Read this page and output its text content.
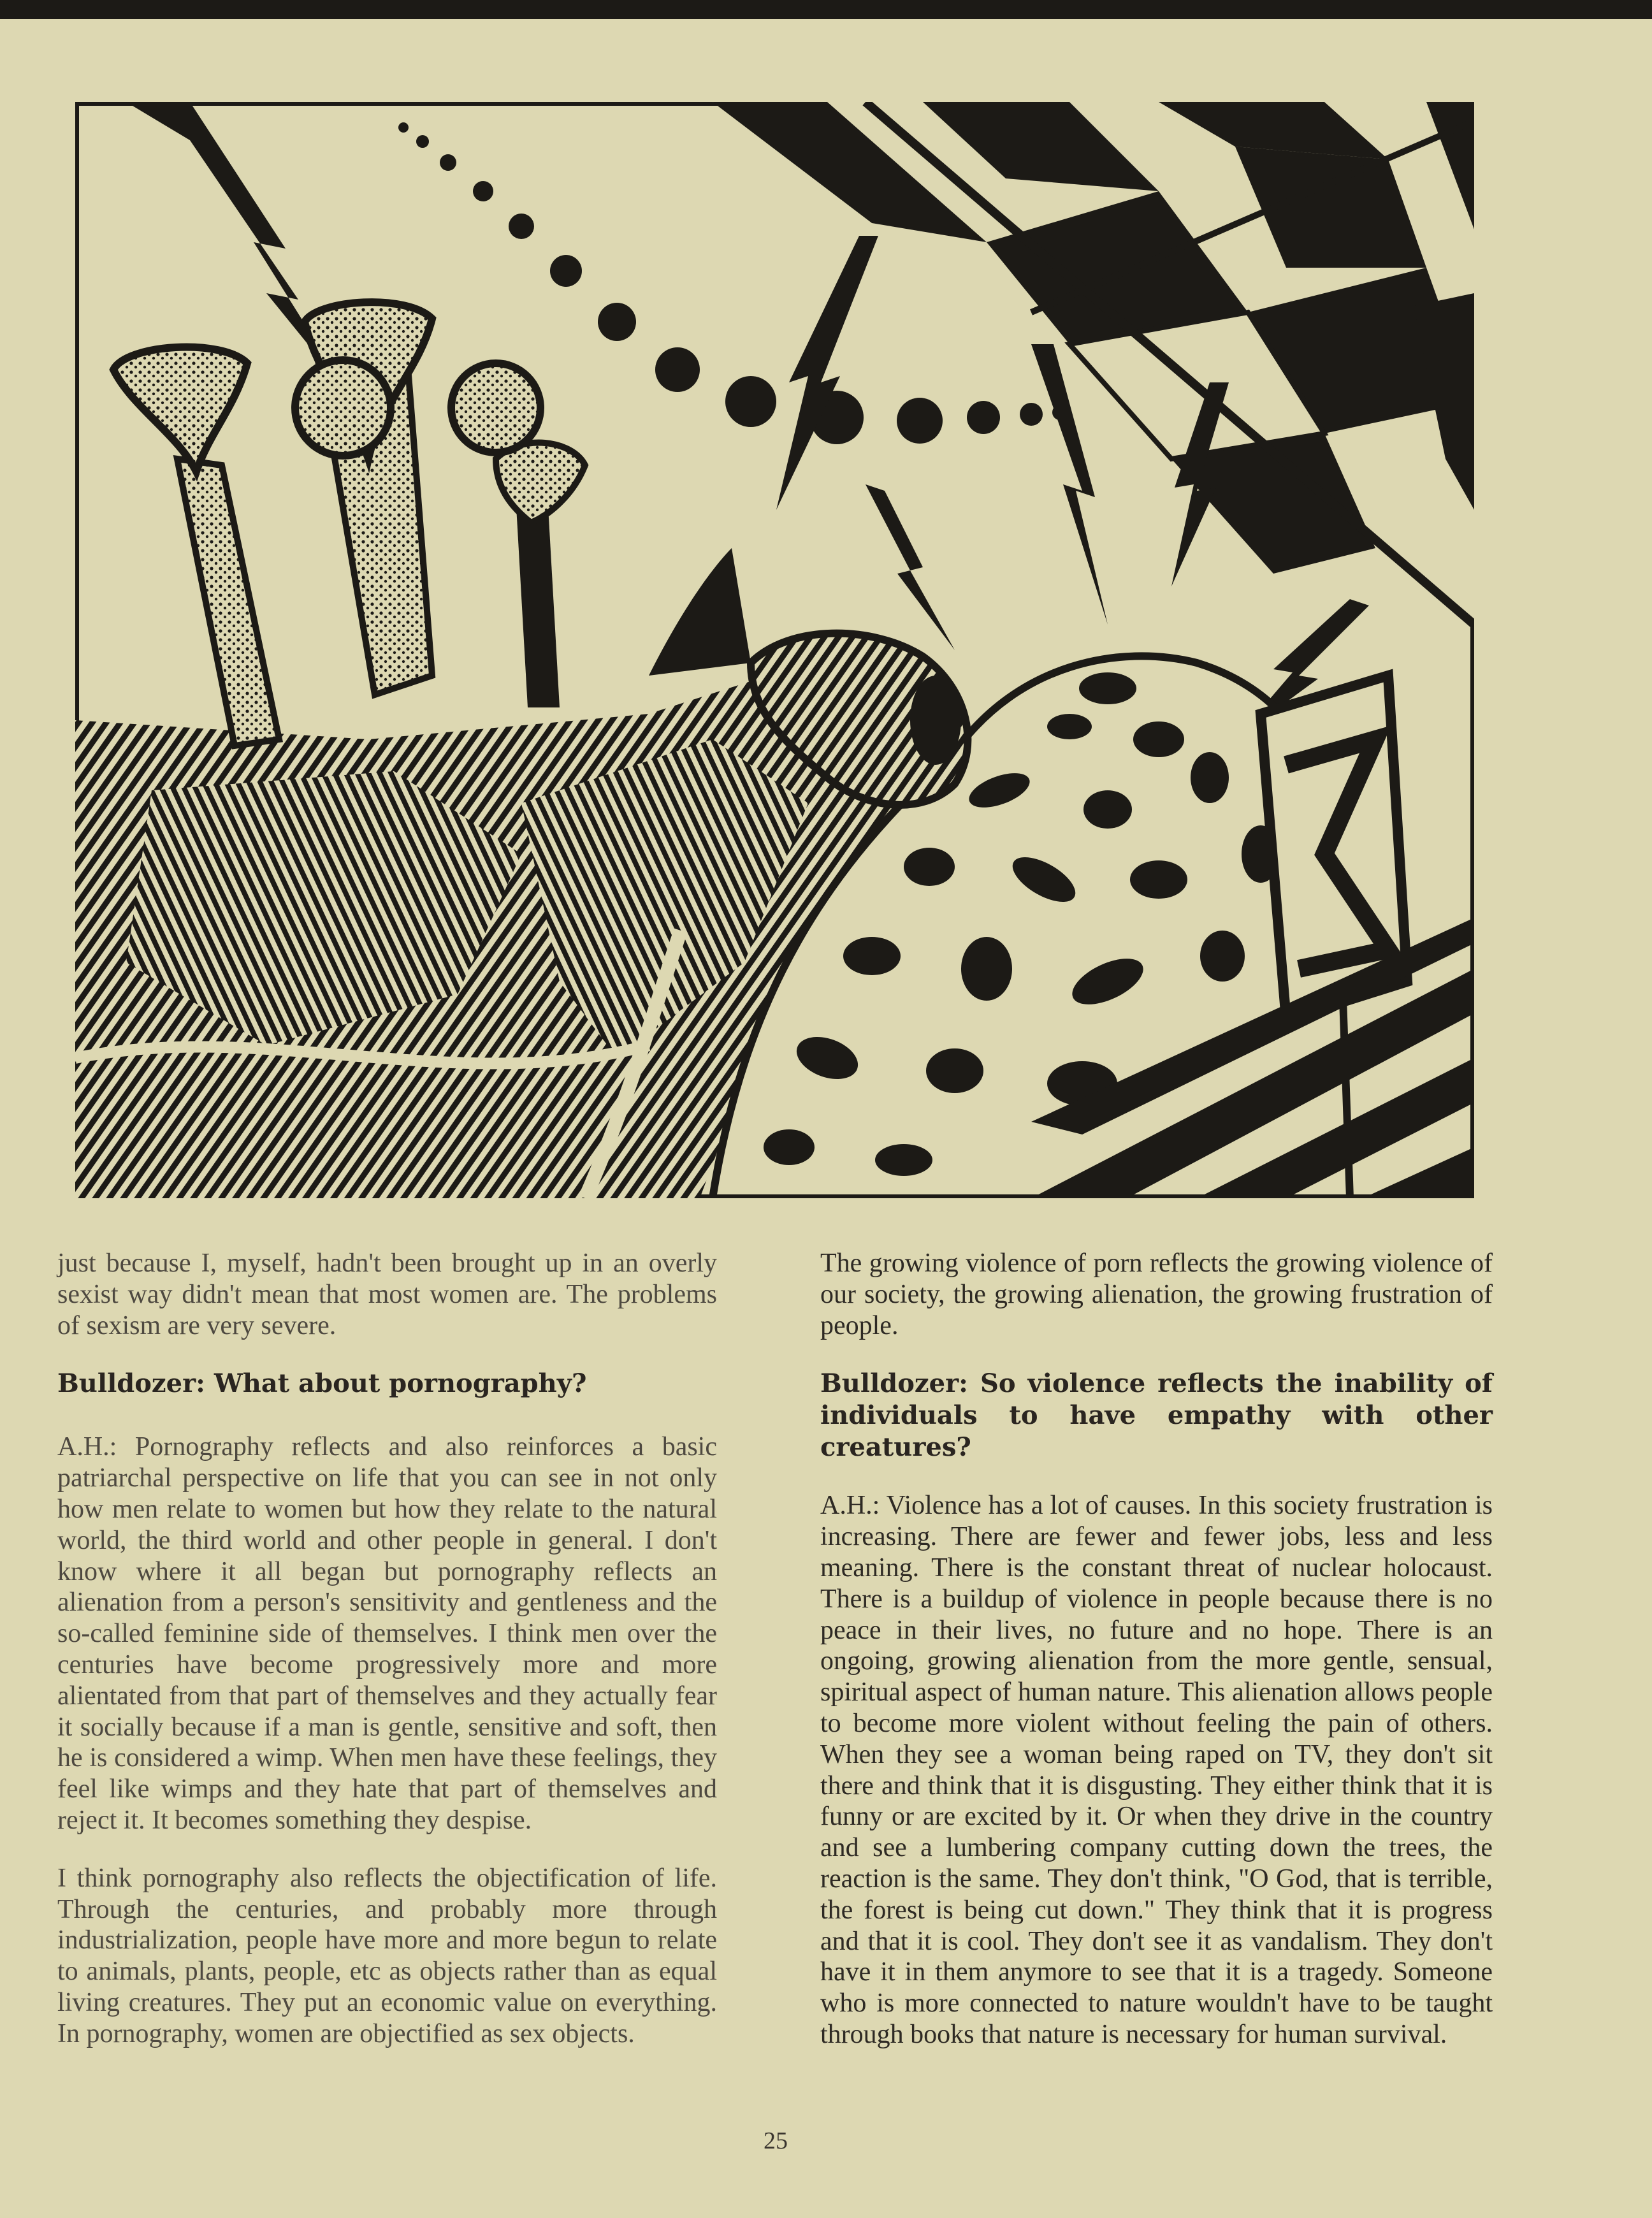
just because I, myself, hadn't been brought up in an overly sexist way didn't mean that most women are. The problems of sexism are very severe.

Bulldozer: What about pornography?

A.H.: Pornography reflects and also reinforces a basic patriarchal perspective on life that you can see in not only how men relate to women but how they relate to the natural world, the third world and other people in general. I don't know where it all began but pornography reflects an alienation from a person's sensitivity and gentleness and the so-called feminine side of themselves. I think men over the centuries have become progressively more and more alientated from that part of themselves and they actually fear it socially because if a man is gentle, sensitive and soft, then he is considered a wimp. When men have these feelings, they feel like wimps and they hate that part of themselves and reject it. It becomes something they despise.

I think pornography also reflects the objectification of life. Through the centuries, and probably more through industrialization, people have more and more begun to relate to animals, plants, people, etc as objects rather than as equal living creatures. They put an economic value on everything. In pornography, women are objectified as sex objects.

The growing violence of porn reflects the growing violence of our society, the growing alienation, the growing frustration of people.

Bulldozer: So violence reflects the inability of individuals to have empathy with other creatures?

A.H.: Violence has a lot of causes. In this society frustration is increasing. There are fewer and fewer jobs, less and less meaning. There is the constant threat of nuclear holocaust. There is a buildup of violence in people because there is no peace in their lives, no future and no hope. There is an ongoing, growing alienation from the more gentle, sensual, spiritual aspect of human nature. This alienation allows people to become more violent without feeling the pain of others. When they see a woman being raped on TV, they don't sit there and think that it is disgusting. They either think that it is funny or are excited by it. Or when they drive in the country and see a lumbering company cutting down the trees, the reaction is the same. They don't think, "O God, that is terrible, the forest is being cut down." They think that it is progress and that it is cool. They don't see it as vandalism. They don't have it in them anymore to see that it is a tragedy. Someone who is more connected to nature wouldn't have to be taught through books that nature is necessary for human survival.

25
